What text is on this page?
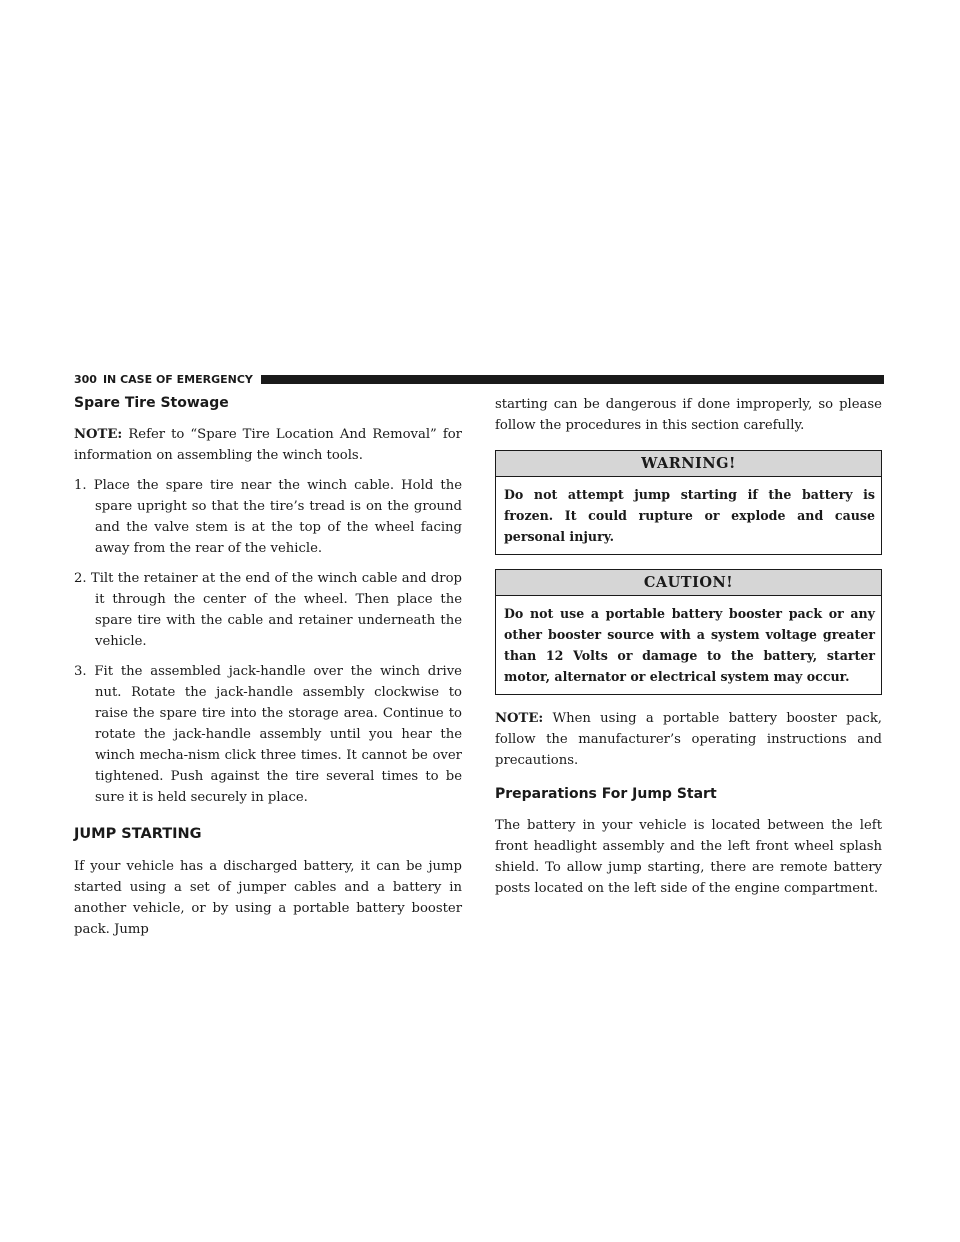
300 IN CASE OF EMERGENCY
Spare Tire Stowage

NOTE: Refer to “Spare Tire Location And Removal” for information on assembling the winch tools.

1. Place the spare tire near the winch cable. Hold the spare upright so that the tire’s tread is on the ground and the valve stem is at the top of the wheel facing away from the rear of the vehicle.
2. Tilt the retainer at the end of the winch cable and drop it through the center of the wheel. Then place the spare tire with the cable and retainer underneath the vehicle.
3. Fit the assembled jack-handle over the winch drive nut. Rotate the jack-handle assembly clockwise to raise the spare tire into the storage area. Continue to rotate the jack-handle assembly until you hear the winch mecha-nism click three times. It cannot be over tightened. Push against the tire several times to be sure it is held securely in place.
JUMP STARTING

If your vehicle has a discharged battery, it can be jump started using a set of jumper cables and a battery in another vehicle, or by using a portable battery booster pack. Jump

starting can be dangerous if done improperly, so please follow the procedures in this section carefully.

WARNING!
Do not attempt jump starting if the battery is frozen. It could rupture or explode and cause personal injury.
CAUTION!
Do not use a portable battery booster pack or any other booster source with a system voltage greater than 12 Volts or damage to the battery, starter motor, alternator or electrical system may occur.

NOTE: When using a portable battery booster pack, follow the manufacturer’s operating instructions and precautions.

Preparations For Jump Start

The battery in your vehicle is located between the left front headlight assembly and the left front wheel splash shield. To allow jump starting, there are remote battery posts located on the left side of the engine compartment.
